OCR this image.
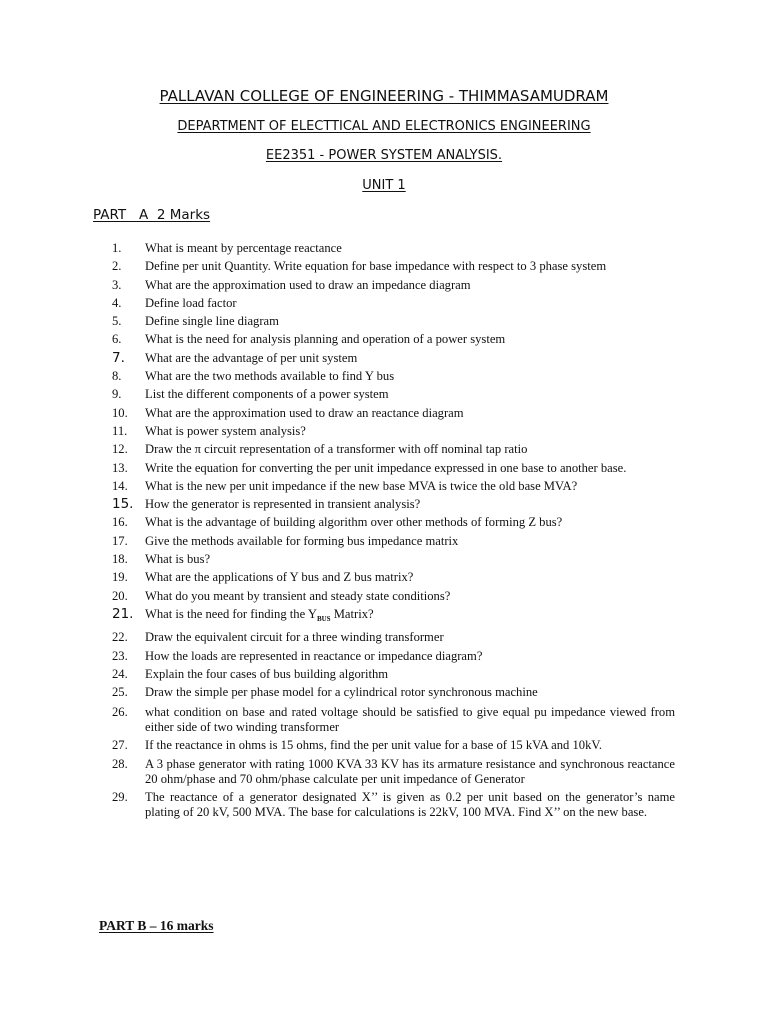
PALLAVAN COLLEGE OF ENGINEERING - THIMMASAMUDRAM
DEPARTMENT OF ELECTTICAL AND ELECTRONICS ENGINEERING
EE2351 - POWER SYSTEM ANALYSIS.
UNIT 1
PART   A  2 Marks
1.	What is meant by percentage reactance
2.	Define per unit Quantity. Write equation for base impedance with respect to 3 phase system
3.	What are the approximation used to draw an impedance diagram
4.	Define load factor
5.	Define single line diagram
6.	What is the need for analysis planning and operation of a power system
7.	What are the advantage of per unit system
8.	What are the two methods available to find Y bus
9.	List the different components of a power system
10.	What are the approximation used to draw an reactance diagram
11.	What is power system analysis?
12.	Draw the π circuit representation of a transformer with off nominal tap ratio
13.	Write the equation for converting the per unit impedance expressed in one base to another base.
14.	What is the new per unit impedance if the new base MVA is twice the old base MVA?
15. How the generator is represented in transient analysis?
16.	What is the advantage of building algorithm over other methods of forming Z bus?
17.	Give the methods available for forming bus impedance matrix
18.	What is bus?
19.	What are the applications of Y bus and Z bus matrix?
20.	What do you meant by transient and steady state conditions?
21. What is the need for finding the $Y_{BUS}$ Matrix?
22.	Draw the equivalent circuit for a three winding transformer
23.	How the loads are represented in reactance or impedance diagram?
24.	Explain the four cases of bus building algorithm
25.	Draw the simple per phase model for a cylindrical rotor synchronous machine
26.	what condition on base and rated voltage should be satisfied to give equal pu impedance viewed from either side of two winding transformer
27.	If the reactance in ohms is 15 ohms, find the per unit value for a base of 15 kVA and 10kV.
28.	A 3 phase generator with rating 1000 KVA 33 KV has its armature resistance and synchronous reactance 20 ohm/phase and 70 ohm/phase calculate per unit impedance of Generator
29.	The reactance of a generator designated X’’ is given as 0.2 per unit based on the generator’s name plating of 20 kV, 500 MVA. The base for calculations is 22kV, 100 MVA. Find X’’ on the new base.
PART B – 16 marks
